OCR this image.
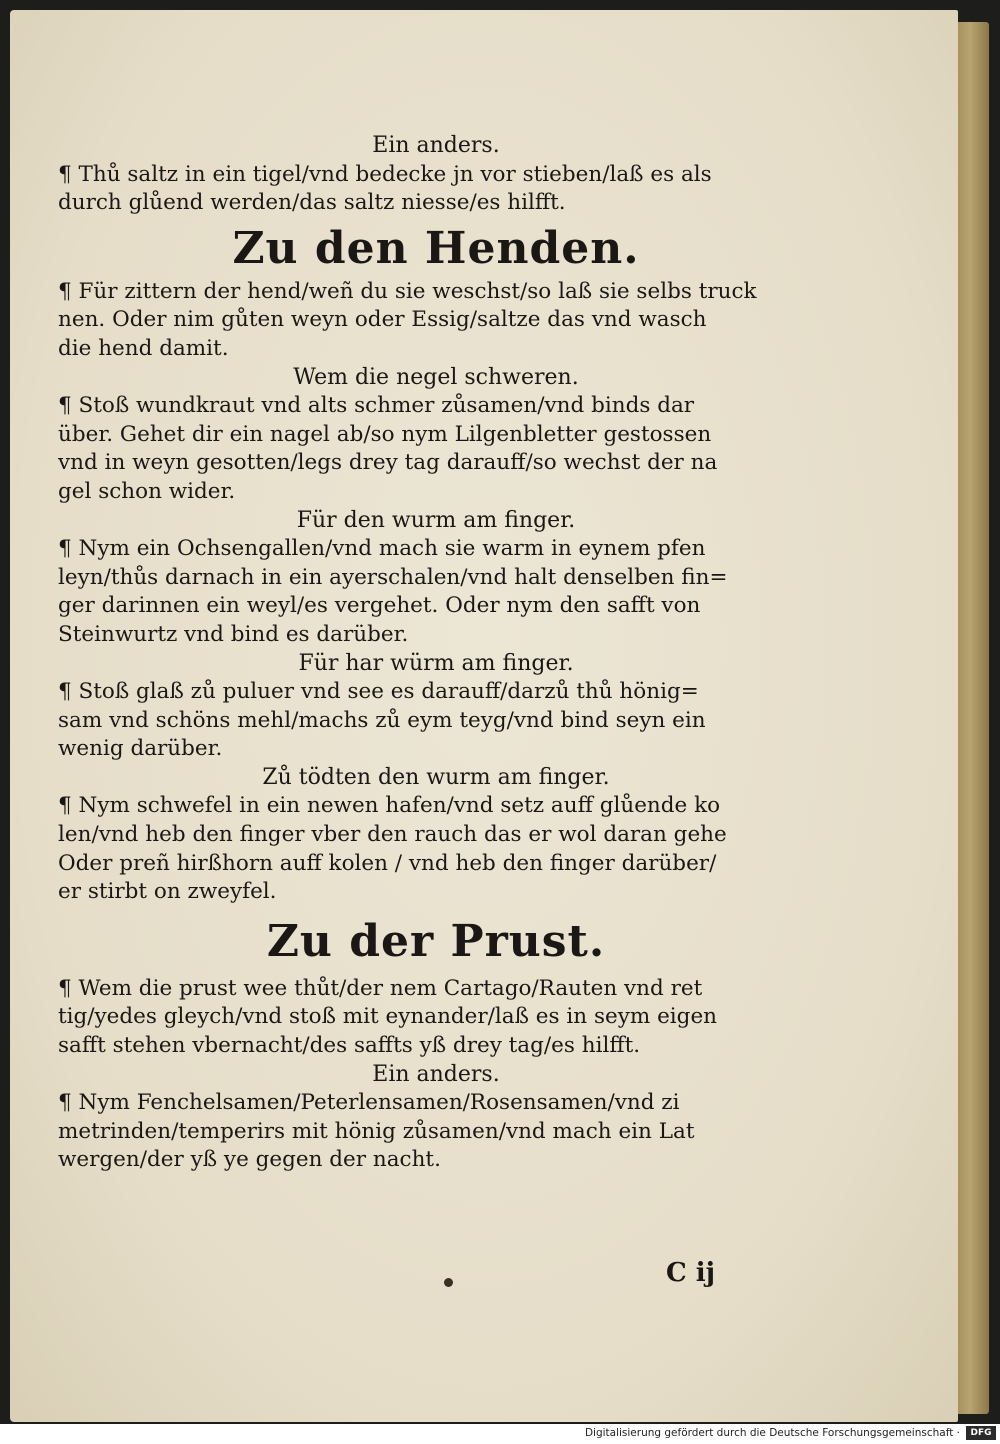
Ein anders.
¶ Thů saltz in ein tigel/vnd bedecke jn vor stieben/laß es als
durch glůend werden/das saltz niesse/es hilfft.
Zu den Henden.
¶ Für zittern der hend/weñ du sie weschst/so laß sie selbs truck
nen. Oder nim gůten weyn oder Essig/saltze das vnd wasch
die hend damit.
Wem die negel schweren.
¶ Stoß wundkraut vnd alts schmer zůsamen/vnd binds dar
über. Gehet dir ein nagel ab/so nym Lilgenbletter gestossen
vnd in weyn gesotten/legs drey tag darauff/so wechst der na
gel schon wider.
Für den wurm am finger.
¶ Nym ein Ochsengallen/vnd mach sie warm in eynem pfen
leyn/thůs darnach in ein ayerschalen/vnd halt denselben fin=
ger darinnen ein weyl/es vergehet. Oder nym den safft von
Steinwurtz vnd bind es darüber.
Für har würm am finger.
¶ Stoß glaß zů puluer vnd see es darauff/darzů thů hönig=
sam vnd schöns mehl/machs zů eym teyg/vnd bind seyn ein
wenig darüber.
Zů tödten den wurm am finger.
¶ Nym schwefel in ein newen hafen/vnd setz auff glůende ko
len/vnd heb den finger vber den rauch das er wol daran gehe
Oder preñ hirßhorn auff kolen / vnd heb den finger darüber/
er stirbt on zweyfel.
Zu der Prust.
¶ Wem die prust wee thůt/der nem Cartago/Rauten vnd ret
tig/yedes gleych/vnd stoß mit eynander/laß es in seym eigen
safft stehen vbernacht/des saffts yß drey tag/es hilfft.
Ein anders.
¶ Nym Fenchelsamen/Peterlensamen/Rosensamen/vnd zi
metrinden/temperirs mit hönig zůsamen/vnd mach ein Lat
wergen/der yß ye gegen der nacht.
C ij
Digitalisierung gefördert durch die Deutsche Forschungsgemeinschaft ·	DFG
